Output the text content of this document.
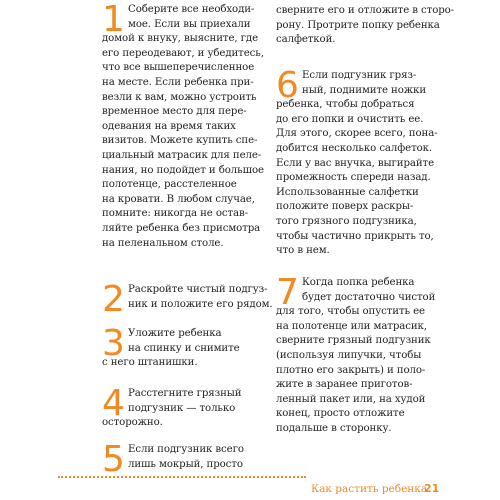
1 Соберите все необходи-
мое. Если вы приехали
домой к внуку, выясните, где
его переодевают, и убедитесь,
что все вышеперечисленное
на месте. Если ребенка при-
везли к вам, можно устроить
временное место для пере-
одевания на время таких
визитов. Можете купить спе-
циальный матрасик для пеле-
нания, но подойдет и большое
полотенце, расстеленное
на кровати. В любом случае,
помните: никогда не остав-
ляйте ребенка без присмотра
на пеленальном столе.

2 Раскройте чистый подгуз-
ник и положите его рядом.

3 Уложите ребенка
на спинку и снимите
с него штанишки.

4 Расстегните грязный
подгузник — только
осторожно.

5 Если подгузник всего
лишь мокрый, просто

сверните его и отложите в сторо-
рону. Протрите попку ребенка
салфеткой.

6 Если подгузник гряз-
ный, поднимите ножки
ребенка, чтобы добраться
до его попки и очистить ее.
Для этого, скорее всего, пона-
добится несколько салфеток.
Если у вас внучка, выгирайте
промежность спереди назад.
Использованные салфетки
положите поверх раскры-
того грязного подгузника,
чтобы частично прикрыть то,
что в нем.

7 Когда попка ребенка
будет достаточно чистой
для того, чтобы опустить ее
на полотенце или матрасик,
сверните грязный подгузник
(используя липучки, чтобы
плотно его закрыть) и поло-
жите в заранее приготов-
ленный пакет или, на худой
конец, просто отложите
подальше в сторонку.

Как растить ребенка
21
